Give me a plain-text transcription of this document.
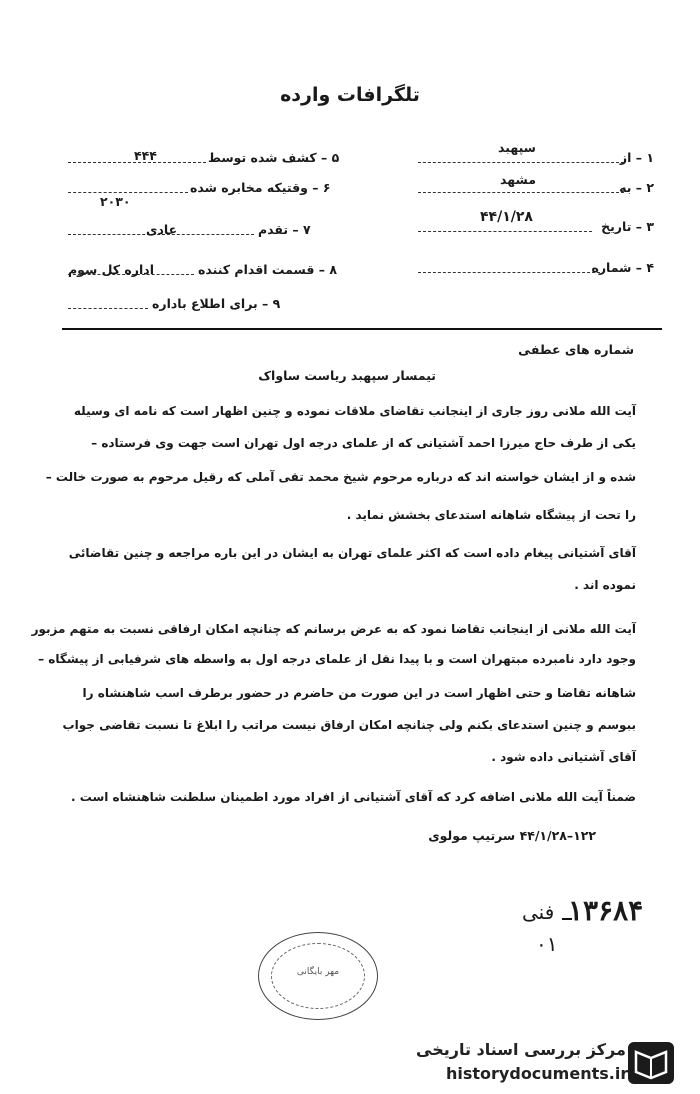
تلگرافات وارده
۱ – از
سپهبد
۲ – به
مشهد
۳ – تاریخ
۴۴/۱/۲۸
۴ – شماره
۵ – کشف شده توسط
۴۴۴
۶ – وقتیکه مخابره شده
۲۰۳۰
۷ – تقدم
عادی
۸ – قسمت اقدام کننده
اداره کل سوم
۹ – برای اطلاع باداره
شماره های عطفی
تیمسار سپهبد ریاست ساواک
آیت الله ملانی روز جاری از اینجانب تقاضای ملاقات نموده و چنین اظهار است که نامه ای وسیله
یکی از طرف حاج میرزا احمد آشتیانی که از علمای درجه اول تهران است جهت وی فرستاده –
شده و از ایشان خواسته اند که درباره مرحوم شیخ محمد تقی آملی که رقیل مرحوم به صورت خالت –
را تحت از پیشگاه شاهانه استدعای بخشش نماید .
آقای آشتیانی پیغام داده است که اکثر علمای تهران به ایشان در این باره مراجعه و چنین تقاضائی
نموده اند .
آیت الله ملانی از اینجانب تقاضا نمود که به عرض برسانم که چنانچه امکان ارفاقی نسبت به متهم مزبور
وجود دارد نامبرده مبتهران است و با پیدا نقل از علمای درجه اول به واسطه های شرفیابی از پیشگاه –
شاهانه تقاضا و حتی اظهار است در این صورت من حاضرم در حضور برطرف اسب شاهنشاه را
ببوسم و چنین استدعای بکنم ولی چنانچه امکان ارفاق نیست مراتب را ابلاغ تا نسبت تقاضی جواب
آقای آشتیانی داده شود .
ضمناً آیت الله ملانی اضافه کرد که آقای آشتیانی از افراد مورد اطمینان سلطنت شاهنشاه است .
۱۲۲–۴۴/۱/۲۸ سرتیپ مولوی
۱۳۶۸۴
فنی
۰۱
مهر بایگانی
مرکز بررسی اسناد تاریخی
historydocuments.ir
